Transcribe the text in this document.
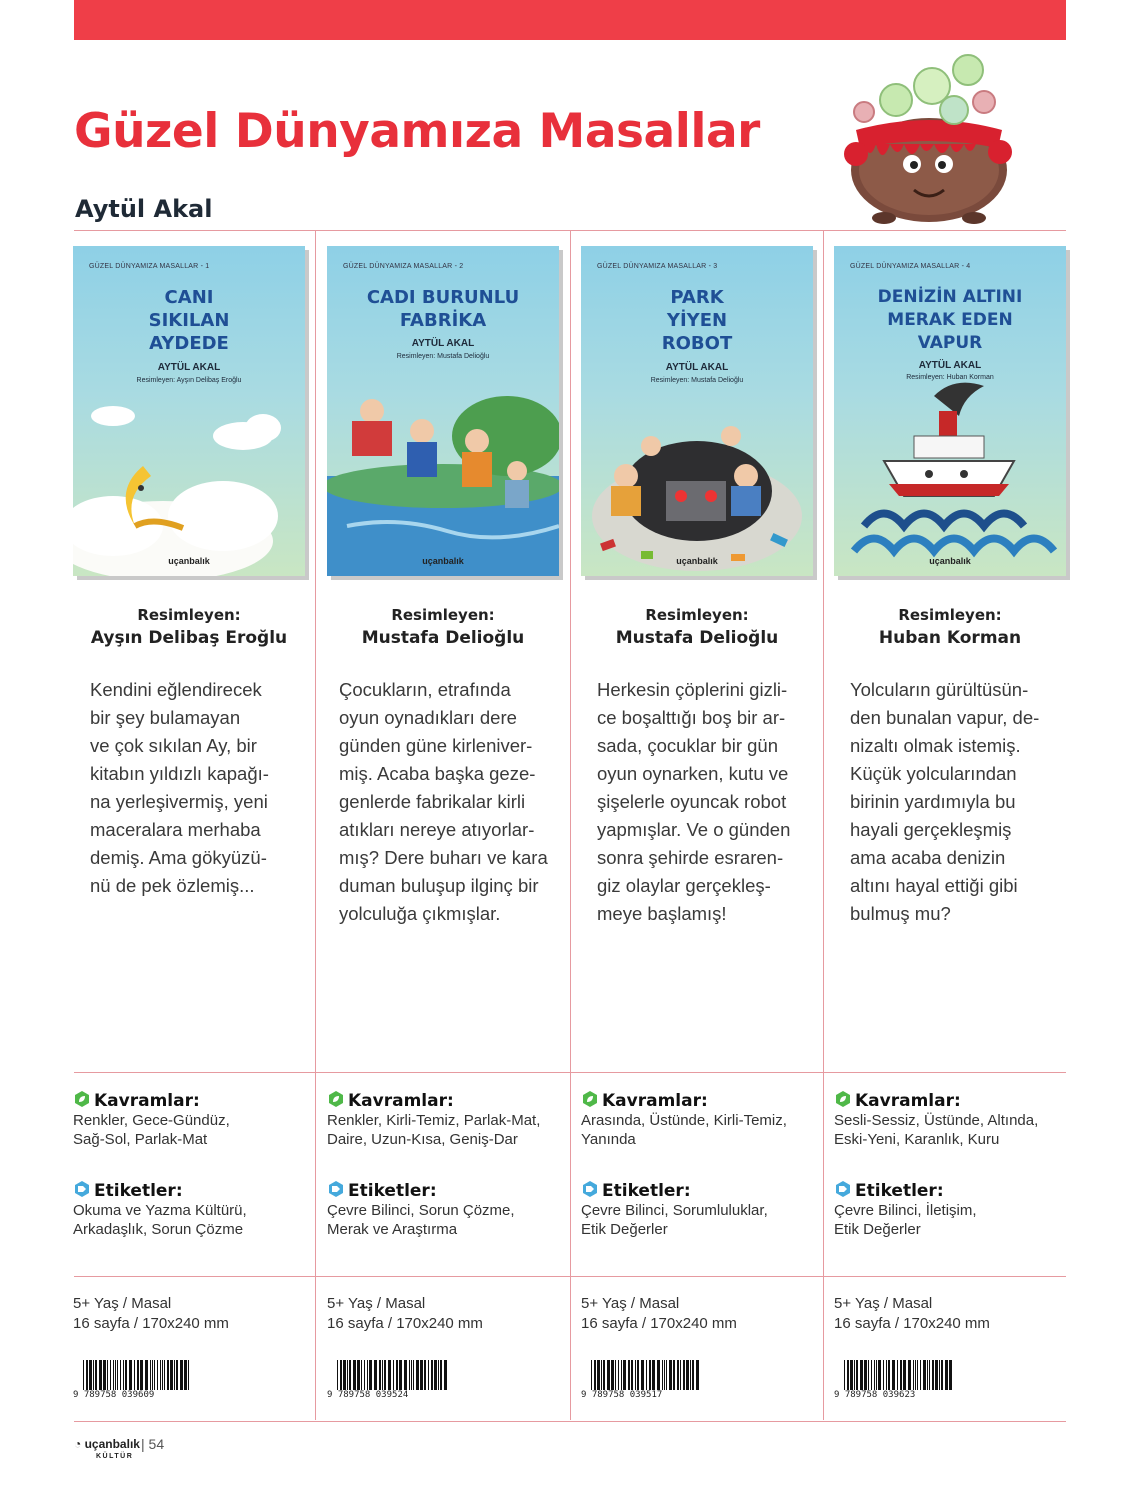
Güzel Dünyamıza Masallar
Aytül Akal
GÜZEL DÜNYAMIZA MASALLAR - 1
CANI
SIKILAN
AYDEDE
AYTÜL AKAL
Resimleyen: Ayşın Delibaş Eroğlu
uçanbalık
Resimleyen:
Ayşın Delibaş Eroğlu
Kendini eğlendirecek
bir şey bulamayan
ve çok sıkılan Ay, bir
kitabın yıldızlı kapağı-
na yerleşivermiş, yeni
maceralara merhaba
demiş. Ama gökyüzü-
nü de pek özlemiş...
Kavramlar:
Renkler, Gece-Gündüz,
Sağ-Sol, Parlak-Mat
Etiketler:
Okuma ve Yazma Kültürü,
Arkadaşlık, Sorun Çözme
5+ Yaş / Masal
16 sayfa / 170x240 mm
9 789758 039609
GÜZEL DÜNYAMIZA MASALLAR - 2
CADI BURUNLU
FABRİKA
AYTÜL AKAL
Resimleyen: Mustafa Delioğlu
uçanbalık
Resimleyen:
Mustafa Delioğlu
Çocukların, etrafında
oyun oynadıkları dere
günden güne kirleniver-
miş. Acaba başka geze-
genlerde fabrikalar kirli
atıkları nereye atıyorlar-
mış? Dere buharı ve kara
duman buluşup ilginç bir
yolculuğa çıkmışlar.
Kavramlar:
Renkler, Kirli-Temiz, Parlak-Mat,
Daire, Uzun-Kısa, Geniş-Dar
Etiketler:
Çevre Bilinci, Sorun Çözme,
Merak ve Araştırma
5+ Yaş / Masal
16 sayfa / 170x240 mm
9 789758 039524
GÜZEL DÜNYAMIZA MASALLAR - 3
PARK
YİYEN
ROBOT
AYTÜL AKAL
Resimleyen: Mustafa Delioğlu
uçanbalık
Resimleyen:
Mustafa Delioğlu
Herkesin çöplerini gizli-
ce boşalttığı boş bir ar-
sada, çocuklar bir gün
oyun oynarken, kutu ve
şişelerle oyuncak robot
yapmışlar. Ve o günden
sonra şehirde esraren-
giz olaylar gerçekleş-
meye başlamış!
Kavramlar:
Arasında, Üstünde, Kirli-Temiz,
Yanında
Etiketler:
Çevre Bilinci, Sorumluluklar,
Etik Değerler
5+ Yaş / Masal
16 sayfa / 170x240 mm
9 789758 039517
GÜZEL DÜNYAMIZA MASALLAR - 4
DENİZİN ALTINI
MERAK EDEN
VAPUR
AYTÜL AKAL
Resimleyen: Huban Korman
uçanbalık
Resimleyen:
Huban Korman
Yolcuların gürültüsün-
den bunalan vapur, de-
nizaltı olmak istemiş.
Küçük yolcularından
birinin yardımıyla bu
hayali gerçekleşmiş
ama acaba denizin
altını hayal ettiği gibi
bulmuş mu?
Kavramlar:
Sesli-Sessiz, Üstünde, Altında,
Eski-Yeni, Karanlık, Kuru
Etiketler:
Çevre Bilinci, İletişim,
Etik Değerler
5+ Yaş / Masal
16 sayfa / 170x240 mm
9 789758 039623
◔ uçanbalık
KÜLTÜR
| 54
